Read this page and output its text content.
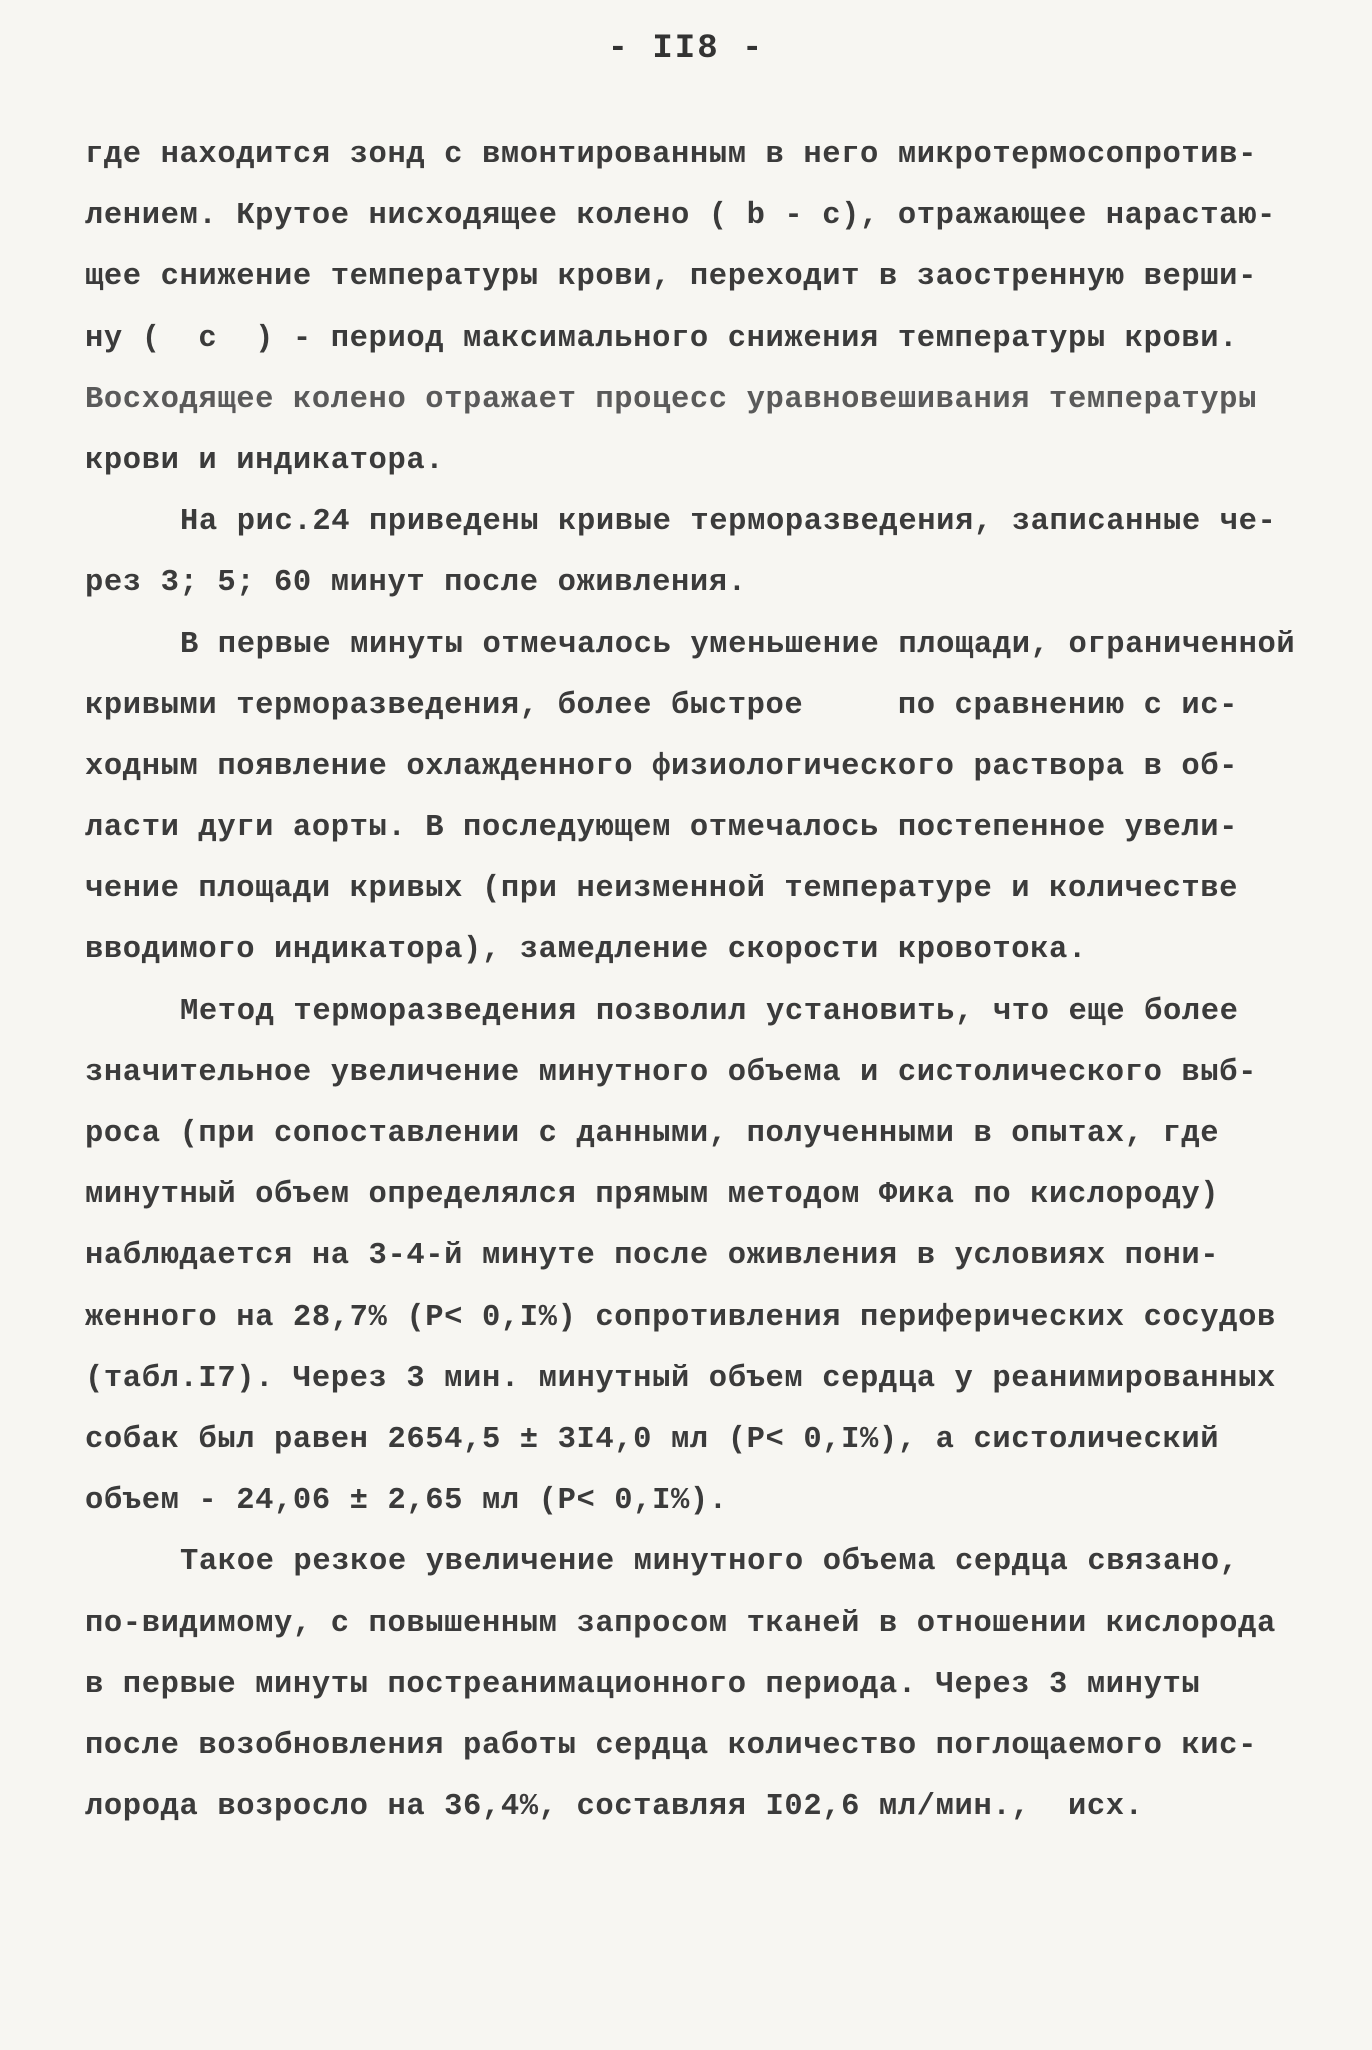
- II8 -
где находится зонд с вмонтированным в него микротермосопротив-
лением. Крутое нисходящее колено ( b - c), отражающее нарастаю-
щее снижение температуры крови, переходит в заостренную верши-
ну (  c  ) - период максимального снижения температуры крови.
Восходящее колено отражает процесс уравновешивания температуры
крови и индикатора.
На рис.24 приведены кривые терморазведения, записанные че-
рез 3; 5; 60 минут после оживления.
В первые минуты отмечалось уменьшение площади, ограниченной
кривыми терморазведения, более быстрое     по сравнению с ис-
ходным появление охлажденного физиологического раствора в об-
ласти дуги аорты. В последующем отмечалось постепенное увели-
чение площади кривых (при неизменной температуре и количестве
вводимого индикатора), замедление скорости кровотока.
Метод терморазведения позволил установить, что еще более
значительное увеличение минутного объема и систолического выб-
роса (при сопоставлении с данными, полученными в опытах, где
минутный объем определялся прямым методом Фика по кислороду)
наблюдается на 3-4-й минуте после оживления в условиях пони-
женного на 28,7% (P< 0,I%) сопротивления периферических сосудов
(табл.I7). Через 3 мин. минутный объем сердца у реанимированных
собак был равен 2654,5 ± 3I4,0 мл (P< 0,I%), а систолический
объем - 24,06 ± 2,65 мл (P< 0,I%).
Такое резкое увеличение минутного объема сердца связано,
по-видимому, с повышенным запросом тканей в отношении кислорода
в первые минуты постреанимационного периода. Через 3 минуты
после возобновления работы сердца количество поглощаемого кис-
лорода возросло на 36,4%, составляя I02,6 мл/мин.,  исх.
